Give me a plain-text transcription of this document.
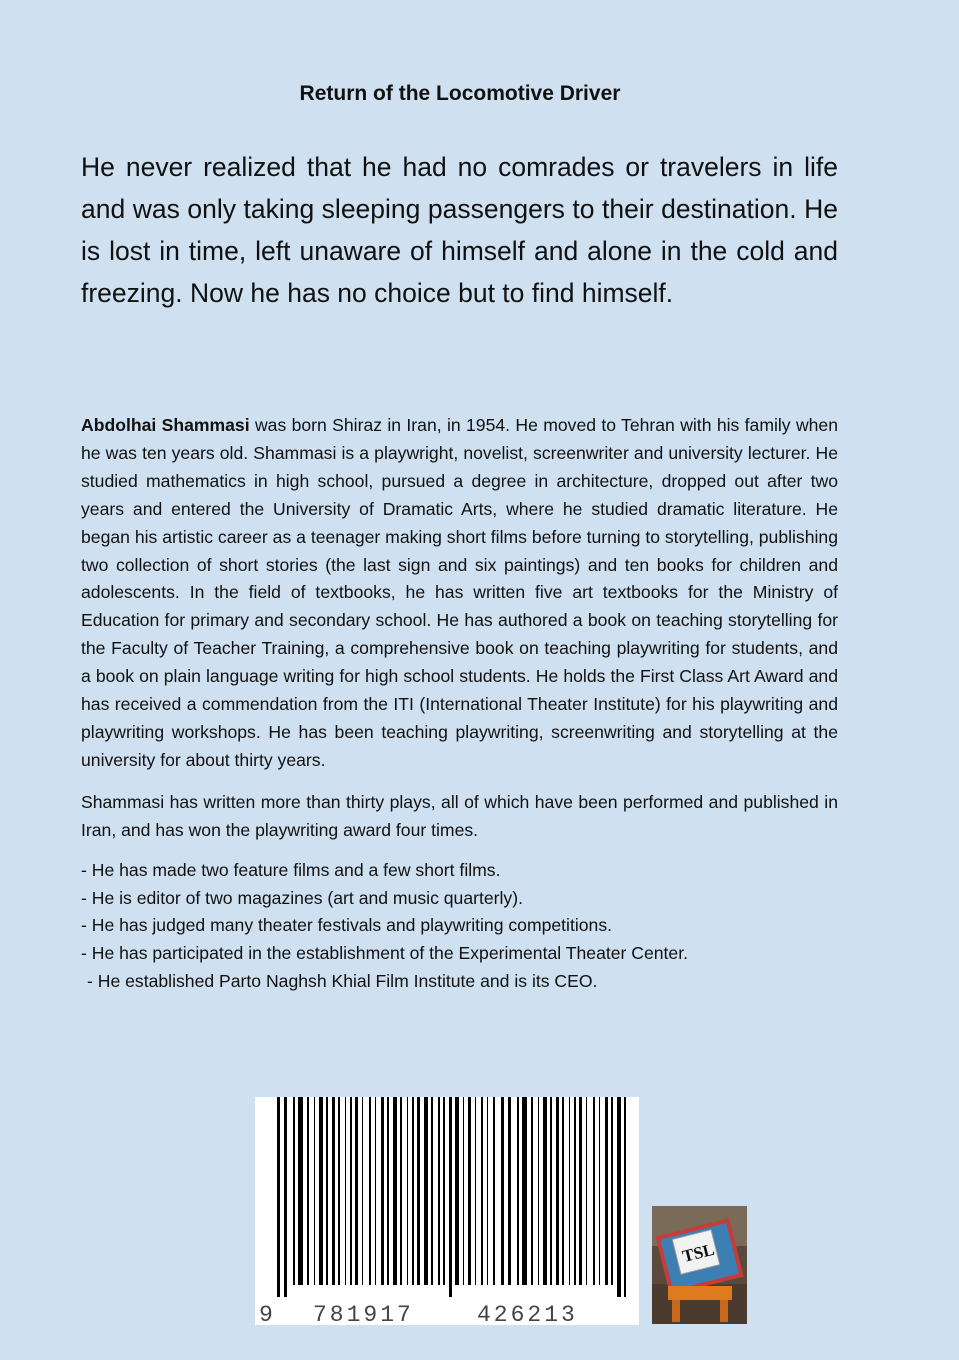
Return of the Locomotive Driver

He never realized that he had no comrades or travelers in life and was only taking sleeping passengers to their destination. He is lost in time, left unaware of himself and alone in the cold and freezing. Now he has no choice but to find himself.

Abdolhai Shammasi was born Shiraz in Iran, in 1954. He moved to Tehran with his family when he was ten years old. Shammasi is a playwright, novelist, screenwriter and university lecturer. He studied mathematics in high school, pursued a degree in architecture, dropped out after two years and entered the University of Dramatic Arts, where he studied dramatic literature. He began his artistic career as a teenager making short films before turning to storytelling, publishing two collection of short stories (the last sign and six paintings) and ten books for children and adolescents. In the field of textbooks, he has written five art textbooks for the Ministry of Education for primary and secondary school. He has authored a book on teaching storytelling for the Faculty of Teacher Training, a comprehensive book on teaching playwriting for students, and a book on plain language writing for high school students. He holds the First Class Art Award and has received a commendation from the ITI (International Theater Institute) for his playwriting and playwriting workshops. He has been teaching playwriting, screenwriting and storytelling at the university for about thirty years.

Shammasi has written more than thirty plays, all of which have been performed and published in Iran, and has won the playwriting award four times.

- He has made two feature films and a few short films.
- He is editor of two magazines (art and music quarterly).
- He has judged many theater festivals and playwriting competitions.
- He has participated in the establishment of the Experimental Theater Center.
- He established Parto Naghsh Khial Film Institute and is its CEO.
9 781917	426213
TSL
